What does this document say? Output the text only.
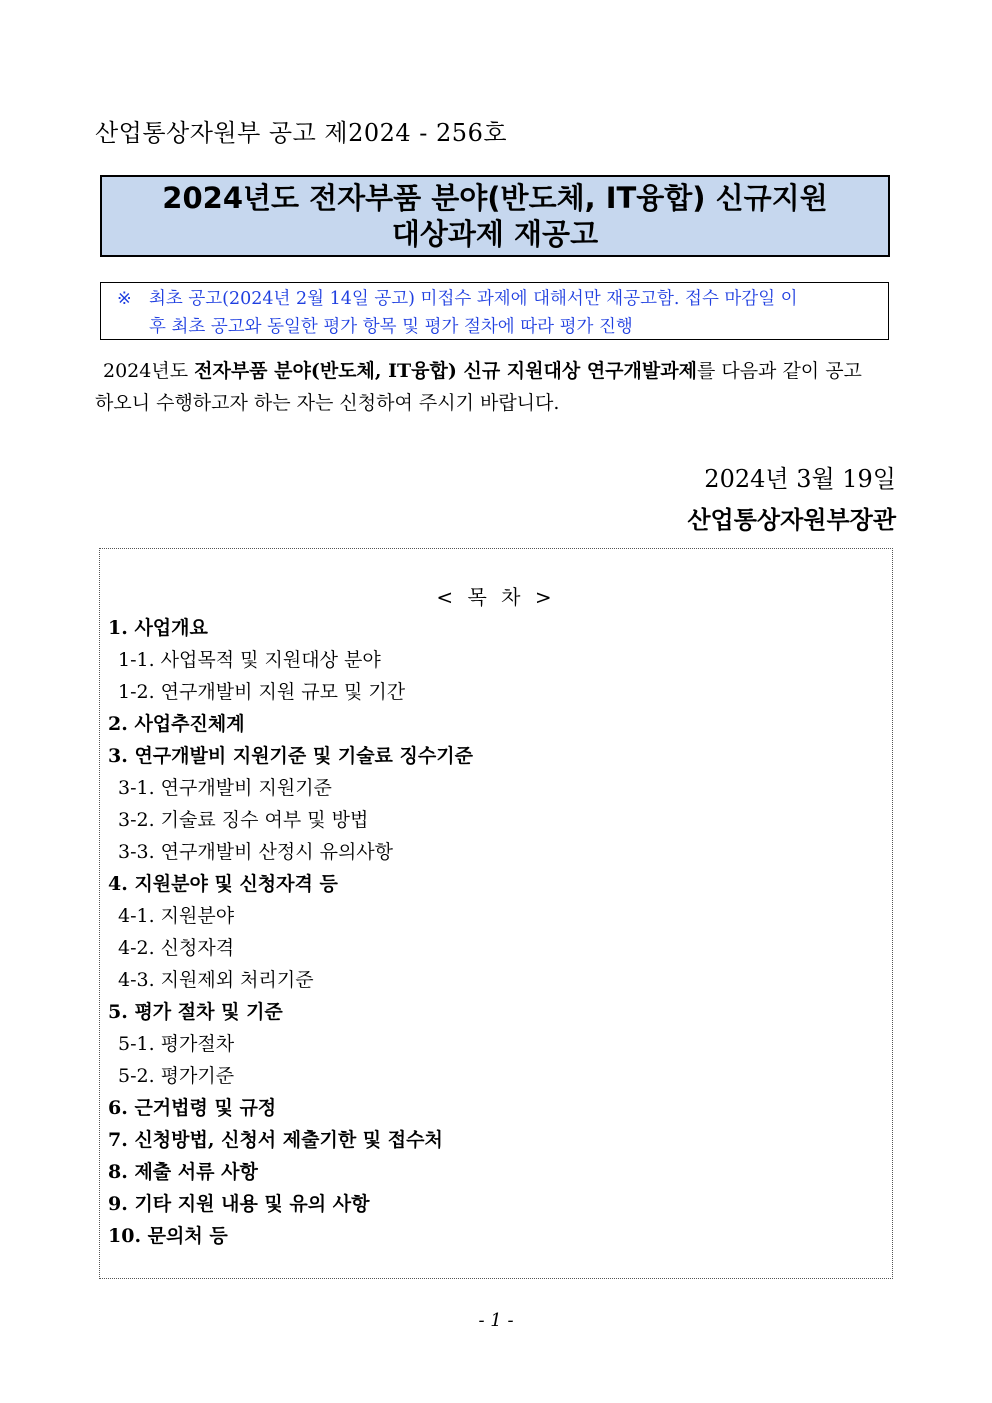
산업통상자원부 공고 제2024 - 256호
2024년도 전자부품 분야(반도체, IT융합) 신규지원
대상과제 재공고
※ 최초 공고(2024년 2월 14일 공고) 미접수 과제에 대해서만 재공고함. 접수 마감일 이
후 최초 공고와 동일한 평가 항목 및 평가 절차에 따라 평가 진행
2024년도 전자부품 분야(반도체, IT융합) 신규 지원대상 연구개발과제를 다음과 같이 공고
하오니 수행하고자 하는 자는 신청하여 주시기 바랍니다.
2024년 3월 19일
산업통상자원부장관
< 목 차 >
1. 사업개요
1-1. 사업목적 및 지원대상 분야
1-2. 연구개발비 지원 규모 및 기간
2. 사업추진체계
3. 연구개발비 지원기준 및 기술료 징수기준
3-1. 연구개발비 지원기준
3-2. 기술료 징수 여부 및 방법
3-3. 연구개발비 산정시 유의사항
4. 지원분야 및 신청자격 등
4-1. 지원분야
4-2. 신청자격
4-3. 지원제외 처리기준
5. 평가 절차 및 기준
5-1. 평가절차
5-2. 평가기준
6. 근거법령 및 규정
7. 신청방법, 신청서 제출기한 및 접수처
8. 제출 서류 사항
9. 기타 지원 내용 및 유의 사항
10. 문의처 등
- 1 -
